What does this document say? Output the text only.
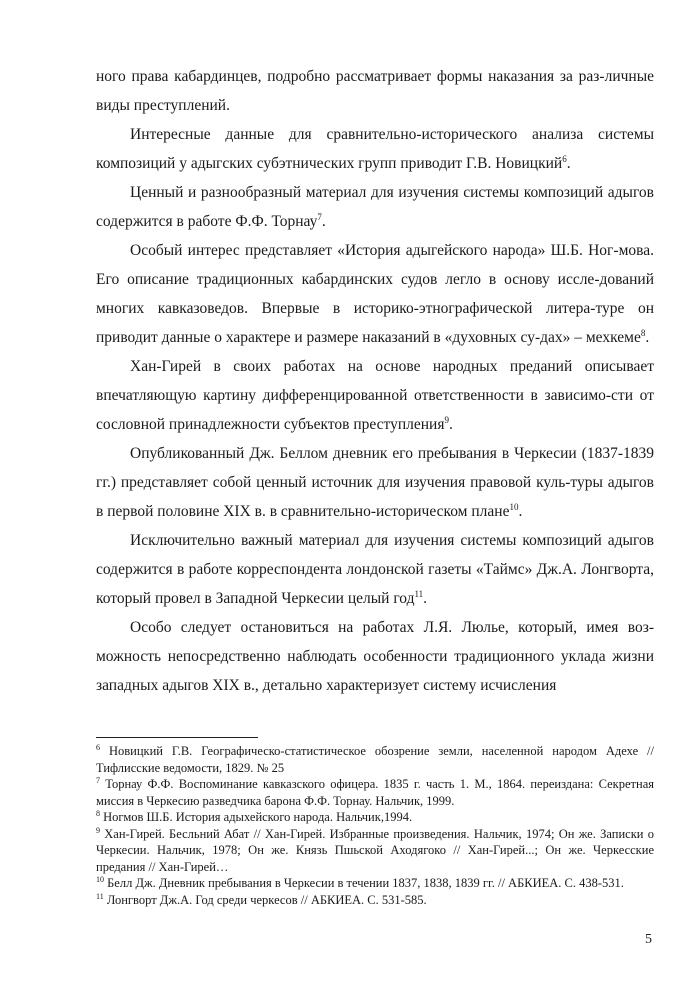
ного права кабардинцев, подробно рассматривает формы наказания за раз-личные виды преступлений.

Интересные данные для сравнительно-исторического анализа системы композиций у адыгских субэтнических групп приводит Г.В. Новицкий$^6$.

Ценный и разнообразный материал для изучения системы композиций адыгов содержится в работе Ф.Ф. Торнау$^7$.

Особый интерес представляет «История адыгейского народа» Ш.Б. Ног-мова. Его описание традиционных кабардинских судов легло в основу иссле-дований многих кавказоведов. Впервые в историко-этнографической литера-туре он приводит данные о характере и размере наказаний в «духовных су-дах» – мехкеме$^8$.

Хан-Гирей в своих работах на основе народных преданий описывает впечатляющую картину дифференцированной ответственности в зависимо-сти от сословной принадлежности субъектов преступления$^9$.

Опубликованный Дж. Беллом дневник его пребывания в Черкесии (1837-1839 гг.) представляет собой ценный источник для изучения правовой куль-туры адыгов в первой половине XIX в. в сравнительно-историческом плане$^{10}$.

Исключительно важный материал для изучения системы композиций адыгов содержится в работе корреспондента лондонской газеты «Таймс» Дж.А. Лонгворта, который провел в Западной Черкесии целый год$^{11}$.

Особо следует остановиться на работах Л.Я. Люлье, который, имея воз-можность непосредственно наблюдать особенности традиционного уклада жизни западных адыгов XIX в., детально характеризует систему исчисления

$^6$ Новицкий Г.В. Географическо-статистическое обозрение земли, населенной народом Адехе // Тифлисские ведомости, 1829. № 25

$^7$ Торнау Ф.Ф. Воспоминание кавказского офицера. 1835 г. часть 1. М., 1864. переиздана: Секретная миссия в Черкесию разведчика барона Ф.Ф. Торнау. Нальчик, 1999.

$^8$ Ногмов Ш.Б. История адыхейского народа. Нальчик,1994.

$^9$ Хан-Гирей. Бесльний Абат // Хан-Гирей. Избранные произведения. Нальчик, 1974; Он же. Записки о Черкесии. Нальчик, 1978; Он же. Князь Пшьской Аходягоко // Хан-Гирей...; Он же. Черкесские предания // Хан-Гирей…

$^{10}$ Белл Дж. Дневник пребывания в Черкесии в течении 1837, 1838, 1839 гг. // АБКИЕА. С. 438-531.

$^{11}$ Лонгворт Дж.А. Год среди черкесов // АБКИЕА. С. 531-585.

5
